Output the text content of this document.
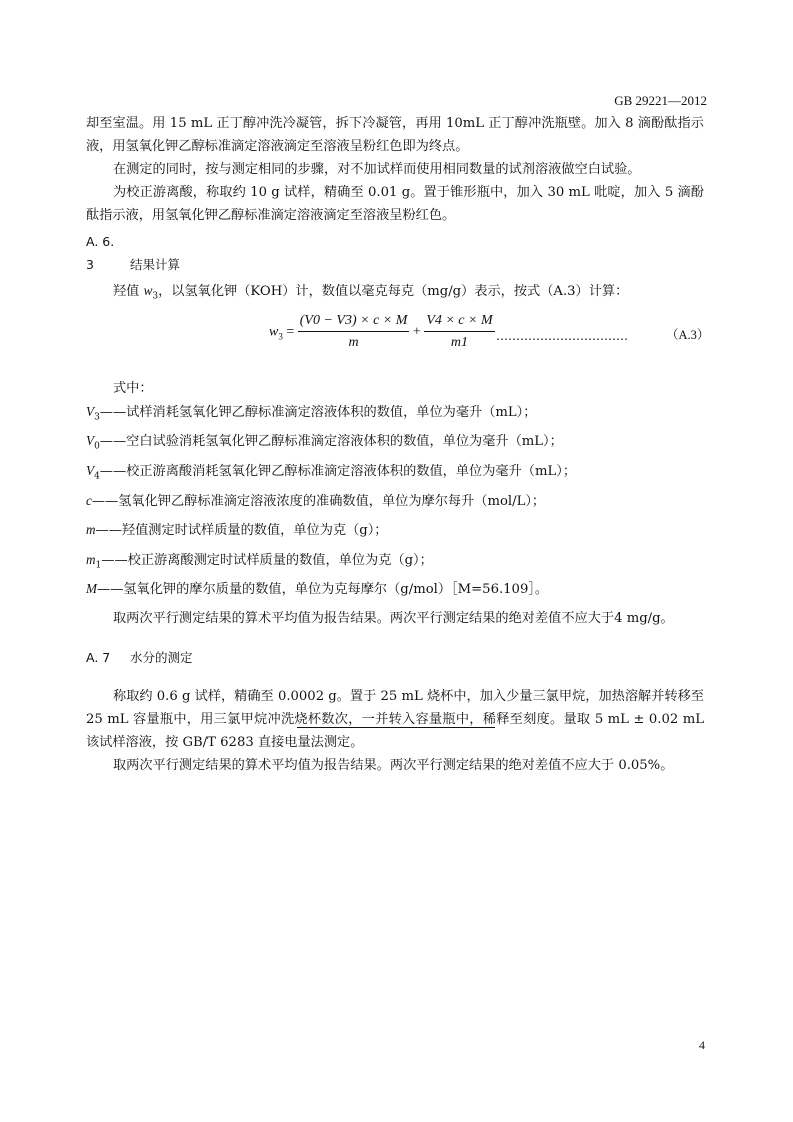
GB 29221—2012

却至室温。用 15 mL 正丁醇冲洗冷凝管，拆下冷凝管，再用 10mL 正丁醇冲洗瓶壁。加入 8 滴酚酞指示液，用氢氧化钾乙醇标准滴定溶液滴定至溶液呈粉红色即为终点。

在测定的同时，按与测定相同的步骤，对不加试样而使用相同数量的试剂溶液做空白试验。

为校正游离酸，称取约 10 g 试样，精确至 0.01 g。置于锥形瓶中，加入 30 mL 吡啶，加入 5 滴酚酞指示液，用氢氧化钾乙醇标准滴定溶液滴定至溶液呈粉红色。

A. 6. 3	结果计算

羟值 $w_3$，以氢氧化钾（KOH）计，数值以毫克每克（mg/g）表示，按式（A.3）计算：

$w_3 = \frac{(V0 - V3) \times c \times M}{m} + \frac{V4 \times c \times M}{m1}$ ……………………………	（A.3）

式中：

$V_3——$试样消耗氢氧化钾乙醇标准滴定溶液体积的数值，单位为毫升（mL）；

$V_0——$空白试验消耗氢氧化钾乙醇标准滴定溶液体积的数值，单位为毫升（mL）；

$V_4——$校正游离酸消耗氢氧化钾乙醇标准滴定溶液体积的数值，单位为毫升（mL）；

c——氢氧化钾乙醇标准滴定溶液浓度的准确数值，单位为摩尔每升（mol/L）；

m——羟值测定时试样质量的数值，单位为克（g）；

$m_1——$校正游离酸测定时试样质量的数值，单位为克（g）；

M——氢氧化钾的摩尔质量的数值，单位为克每摩尔（g/mol）［M=56.109］。

取两次平行测定结果的算术平均值为报告结果。两次平行测定结果的绝对差值不应大于4 mg/g。

A. 7 水分的测定

称取约 0.6 g 试样，精确至 0.0002 g。置于 25 mL 烧杯中，加入少量三氯甲烷，加热溶解并转移至 25 mL 容量瓶中，用三氯甲烷冲洗烧杯数次，一并转入容量瓶中，稀释至刻度。量取 5 mL ± 0.02 mL 该试样溶液，按 GB/T 6283 直接电量法测定。

取两次平行测定结果的算术平均值为报告结果。两次平行测定结果的绝对差值不应大于 0.05%。

4
